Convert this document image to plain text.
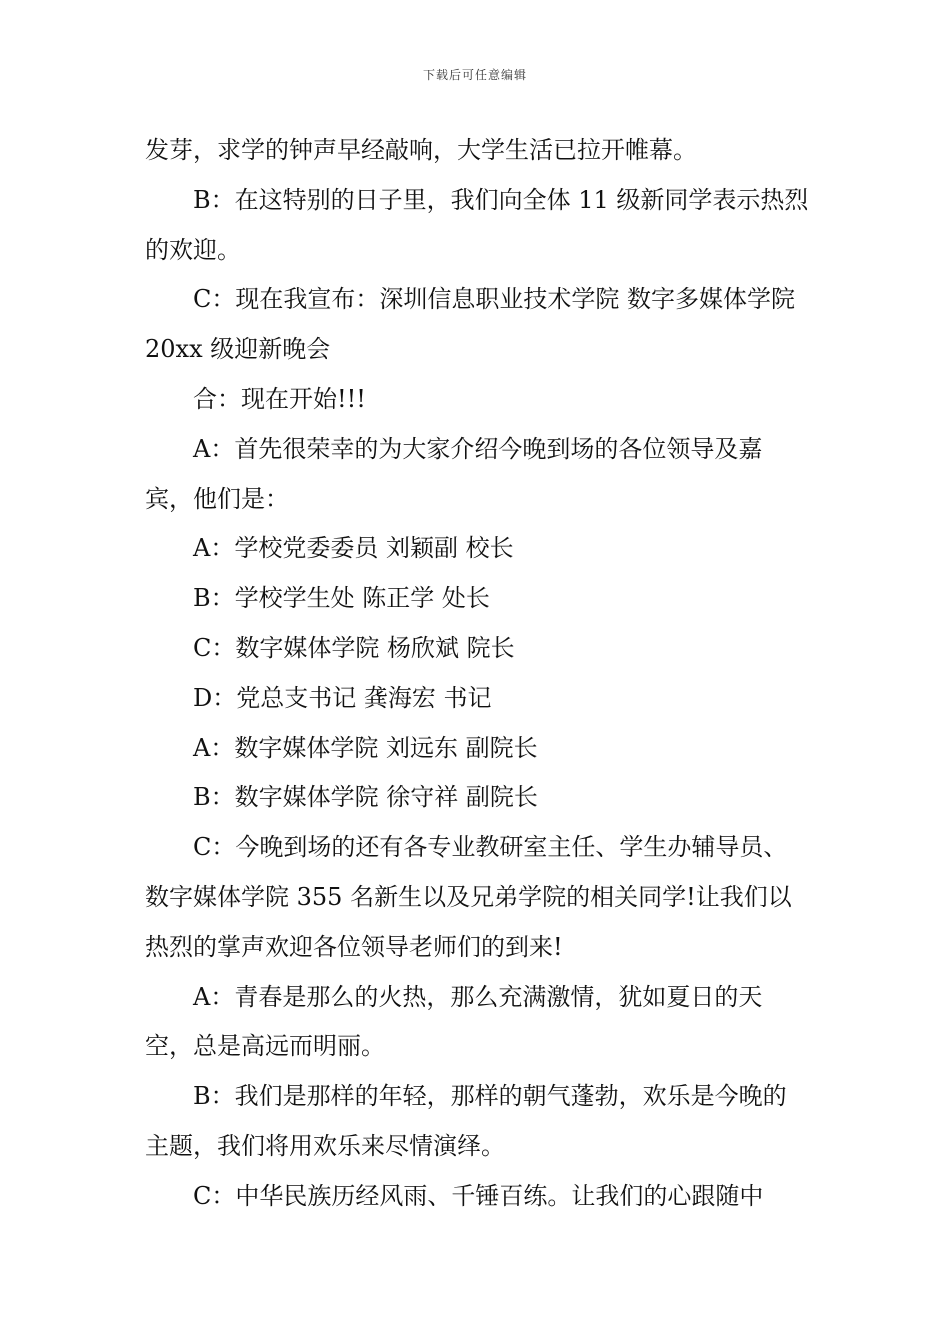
下载后可任意编辑

发芽，求学的钟声早经敲响，大学生活已拉开帷幕。

B：在这特别的日子里，我们向全体 11 级新同学表示热烈的欢迎。

C：现在我宣布：深圳信息职业技术学院 数字多媒体学院 20xx 级迎新晚会

合：现在开始!!!

A：首先很荣幸的为大家介绍今晚到场的各位领导及嘉宾，他们是：

A：学校党委委员 刘颖副 校长

B：学校学生处 陈正学 处长

C：数字媒体学院 杨欣斌 院长

D：党总支书记 龚海宏 书记

A：数字媒体学院 刘远东 副院长

B：数字媒体学院 徐守祥 副院长

C：今晚到场的还有各专业教研室主任、学生办辅导员、数字媒体学院 355 名新生以及兄弟学院的相关同学!让我们以热烈的掌声欢迎各位领导老师们的到来!

A：青春是那么的火热，那么充满激情，犹如夏日的天空，总是高远而明丽。

B：我们是那样的年轻，那样的朝气蓬勃，欢乐是今晚的主题，我们将用欢乐来尽情演绎。

C：中华民族历经风雨、千锤百练。让我们的心跟随中
